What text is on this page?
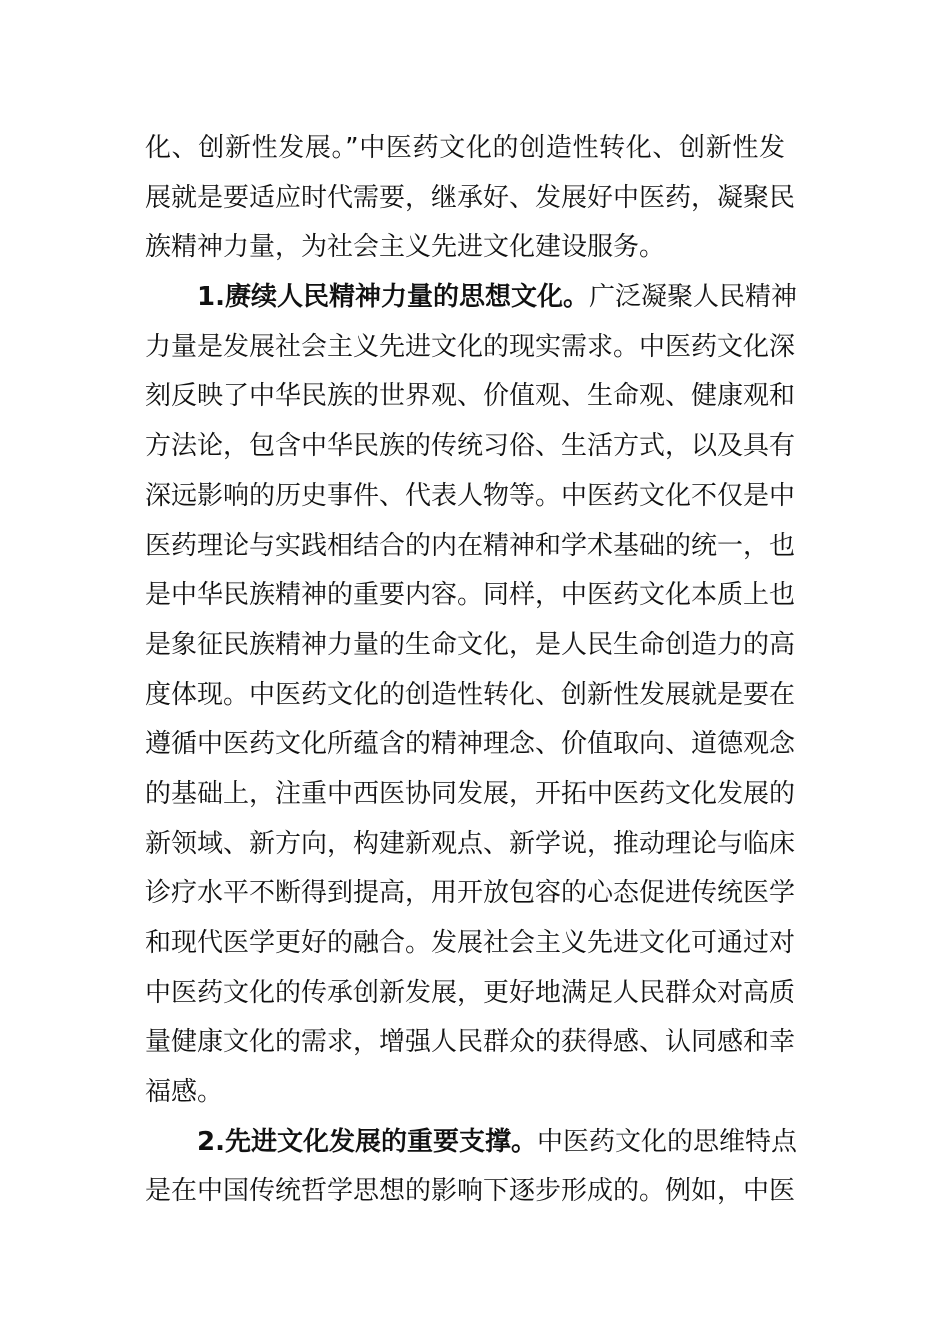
化、创新性发展。”中医药文化的创造性转化、创新性发
展就是要适应时代需要，继承好、发展好中医药，凝聚民
族精神力量，为社会主义先进文化建设服务。
1.赓续人民精神力量的思想文化。广泛凝聚人民精神
力量是发展社会主义先进文化的现实需求。中医药文化深
刻反映了中华民族的世界观、价值观、生命观、健康观和
方法论，包含中华民族的传统习俗、生活方式，以及具有
深远影响的历史事件、代表人物等。中医药文化不仅是中
医药理论与实践相结合的内在精神和学术基础的统一，也
是中华民族精神的重要内容。同样，中医药文化本质上也
是象征民族精神力量的生命文化，是人民生命创造力的高
度体现。中医药文化的创造性转化、创新性发展就是要在
遵循中医药文化所蕴含的精神理念、价值取向、道德观念
的基础上，注重中西医协同发展，开拓中医药文化发展的
新领域、新方向，构建新观点、新学说，推动理论与临床
诊疗水平不断得到提高，用开放包容的心态促进传统医学
和现代医学更好的融合。发展社会主义先进文化可通过对
中医药文化的传承创新发展，更好地满足人民群众对高质
量健康文化的需求，增强人民群众的获得感、认同感和幸
福感。
2.先进文化发展的重要支撑。中医药文化的思维特点
是在中国传统哲学思想的影响下逐步形成的。例如，中医
